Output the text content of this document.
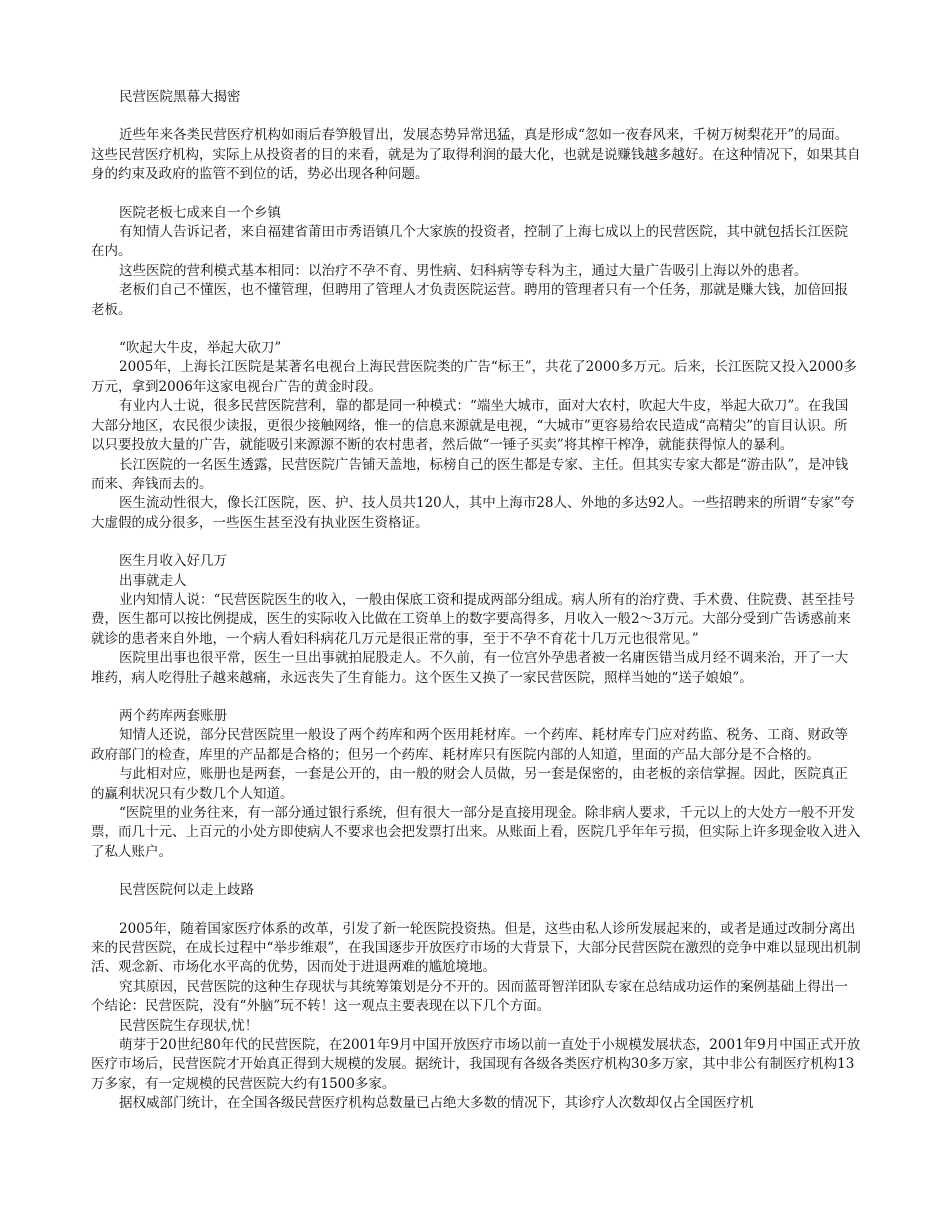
民营医院黑幕大揭密

近些年来各类民营医疗机构如雨后春笋般冒出，发展态势异常迅猛，真是形成“忽如一夜春风来，千树万树梨花开”的局面。这些民营医疗机构，实际上从投资者的目的来看，就是为了取得利润的最大化，也就是说赚钱越多越好。在这种情况下，如果其自身的约束及政府的监管不到位的话，势必出现各种问题。

医院老板七成来自一个乡镇

有知情人告诉记者，来自福建省莆田市秀语镇几个大家族的投资者，控制了上海七成以上的民营医院，其中就包括长江医院在内。

这些医院的营利模式基本相同：以治疗不孕不育、男性病、妇科病等专科为主，通过大量广告吸引上海以外的患者。

老板们自己不懂医，也不懂管理，但聘用了管理人才负责医院运营。聘用的管理者只有一个任务，那就是赚大钱，加倍回报老板。

“吹起大牛皮，举起大砍刀”

2005年，上海长江医院是某著名电视台上海民营医院类的广告“标王”，共花了2000多万元。后来，长江医院又投入2000多万元，拿到2006年这家电视台广告的黄金时段。

有业内人士说，很多民营医院营利，靠的都是同一种模式：“端坐大城市，面对大农村，吹起大牛皮，举起大砍刀”。在我国大部分地区，农民很少读报，更很少接触网络，惟一的信息来源就是电视，“大城市”更容易给农民造成“高精尖”的盲目认识。所以只要投放大量的广告，就能吸引来源源不断的农村患者，然后做“一锤子买卖”将其榨干榨净，就能获得惊人的暴利。

长江医院的一名医生透露，民营医院广告铺天盖地，标榜自己的医生都是专家、主任。但其实专家大都是“游击队”，是冲钱而来、奔钱而去的。

医生流动性很大，像长江医院，医、护、技人员共120人，其中上海市28人、外地的多达92人。一些招聘来的所谓“专家”夸大虚假的成分很多，一些医生甚至没有执业医生资格证。

医生月收入好几万

出事就走人

业内知情人说：“民营医院医生的收入，一般由保底工资和提成两部分组成。病人所有的治疗费、手术费、住院费、甚至挂号费，医生都可以按比例提成，医生的实际收入比做在工资单上的数字要高得多，月收入一般2～3万元。大部分受到广告诱惑前来就诊的患者来自外地，一个病人看妇科病花几万元是很正常的事，至于不孕不育花十几万元也很常见。”

医院里出事也很平常，医生一旦出事就拍屁股走人。不久前，有一位宫外孕患者被一名庸医错当成月经不调来治，开了一大堆药，病人吃得肚子越来越痛，永远丧失了生育能力。这个医生又换了一家民营医院，照样当她的“送子娘娘”。

两个药库两套账册

知情人还说，部分民营医院里一般设了两个药库和两个医用耗材库。一个药库、耗材库专门应对药监、税务、工商、财政等政府部门的检查，库里的产品都是合格的；但另一个药库、耗材库只有医院内部的人知道，里面的产品大部分是不合格的。

与此相对应，账册也是两套，一套是公开的，由一般的财会人员做，另一套是保密的，由老板的亲信掌握。因此，医院真正的赢利状况只有少数几个人知道。

“医院里的业务往来，有一部分通过银行系统，但有很大一部分是直接用现金。除非病人要求，千元以上的大处方一般不开发票，而几十元、上百元的小处方即使病人不要求也会把发票打出来。从账面上看，医院几乎年年亏损，但实际上许多现金收入进入了私人账户。

民营医院何以走上歧路

2005年，随着国家医疗体系的改革，引发了新一轮医院投资热。但是，这些由私人诊所发展起来的，或者是通过改制分离出来的民营医院，在成长过程中“举步维艰”，在我国逐步开放医疗市场的大背景下，大部分民营医院在激烈的竞争中难以显现出机制活、观念新、市场化水平高的优势，因而处于进退两难的尴尬境地。

究其原因，民营医院的这种生存现状与其统筹策划是分不开的。因而蓝哥智洋团队专家在总结成功运作的案例基础上得出一个结论：民营医院，没有“外脑”玩不转！这一观点主要表现在以下几个方面。

民营医院生存现状,忧！

萌芽于20世纪80年代的民营医院，在2001年9月中国开放医疗市场以前一直处于小规模发展状态，2001年9月中国正式开放医疗市场后，民营医院才开始真正得到大规模的发展。据统计，我国现有各级各类医疗机构30多万家，其中非公有制医疗机构13万多家，有一定规模的民营医院大约有1500多家。

据权威部门统计，在全国各级民营医疗机构总数量已占绝大多数的情况下，其诊疗人次数却仅占全国医疗机
